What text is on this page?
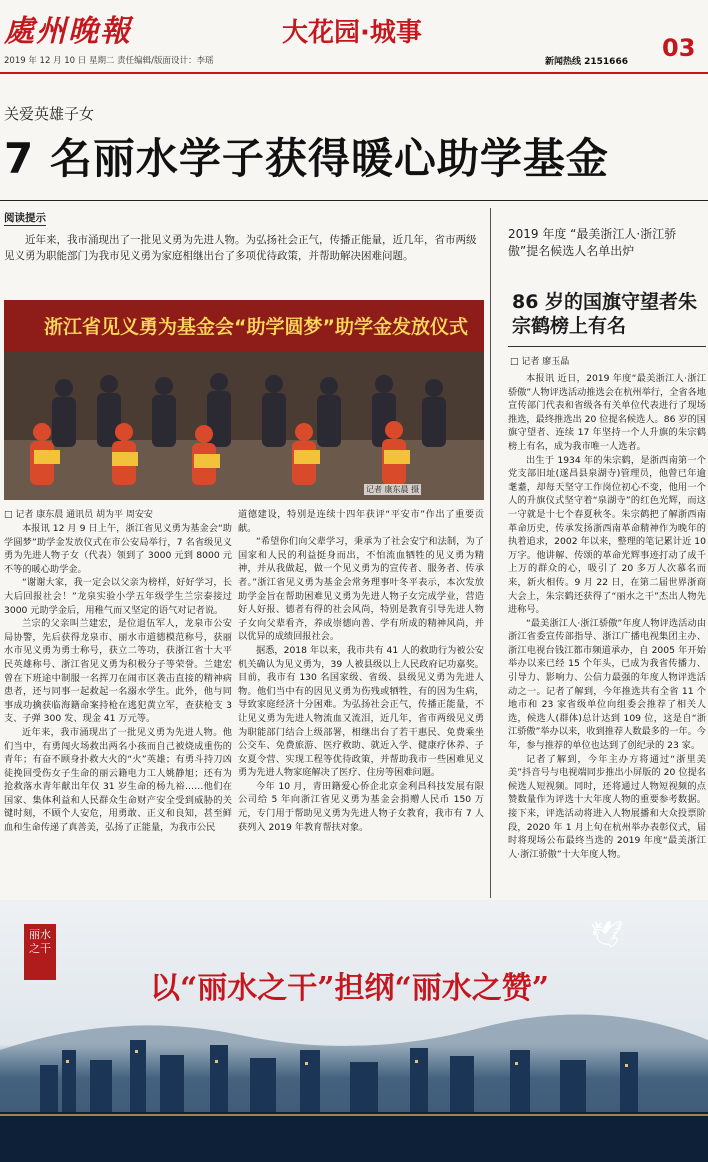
處州晚報	大花园·城事	03
2019 年 12 月 10 日 星期二 责任编辑/版面设计：李瑶	新闻热线 2151666
关爱英雄子女
7 名丽水学子获得暖心助学基金
阅读提示
近年来，我市涌现出了一批见义勇为先进人物。为弘扬社会正气，传播正能量，近几年，省市两级见义勇为职能部门为我市见义勇为家庭相继出台了多项优待政策，并帮助解决困难问题。
浙江省见义勇为基金会“助学圆梦”助学金发放仪式
记者 康东晨 摄
□ 记者 康东晨 通讯员 胡为平 周安安

本报讯 12 月 9 日上午，浙江省见义勇为基金会“助学圆梦”助学金发放仪式在市公安局举行，7 名省级见义勇为先进人物子女（代表）领到了 3000 元到 8000 元不等的暖心助学金。

“谢谢大家，我一定会以父亲为榜样，好好学习，长大后回报社会！”龙泉实验小学五年级学生兰宗泰接过 3000 元助学金后，用稚气而又坚定的语气对记者说。

兰宗的父亲叫兰建宏，是位退伍军人，龙泉市公安局协警，先后获得龙泉市、丽水市道德模范称号，获丽水市见义勇为勇士称号，获立二等功，获浙江省十大平民英雄称号、浙江省见义勇为积极分子等荣誉。兰建宏曾在下班途中制服一名挥刀在闹市区袭击直接的精神病患者，还与同事一起救起一名溺水学生。此外，他与同事成功擒获临海籍命案持枪在逃犯黄立军，查获枪支 3 支、子弹 300 发、现金 41 万元等。

近年来，我市涌现出了一批见义勇为先进人物。他们当中，有勇闯火场救出两名小孩而自己被烧成重伤的青年；有奋不顾身扑救大火的“火”英雄；有勇斗持刀凶徒挽回受伤女子生命的丽云籍电力工人姚静旭；还有为抢救落水青年献出年仅 31 岁生命的杨九裕……他们在国家、集体利益和人民群众生命财产安全受到威胁的关键时刻，不顾个人安危，用勇敢、正义和良知，甚至鲜血和生命传递了真善美，弘扬了正能量，为我市公民

道德建设，特别是连续十四年获评“平安市”作出了重要贡献。

“希望你们向父辈学习，秉承为了社会安宁和法制，为了国家和人民的利益挺身而出，不怕流血牺牲的见义勇为精神，并从我做起，做一个见义勇为的宣传者、服务者、传承者。”浙江省见义勇为基金会常务理事叶冬平表示，本次发放助学金旨在帮助困难见义勇为先进人物子女完成学业，营造好人好报、德者有得的社会风尚，特别是教育引导先进人物子女向父辈看齐，养成崇德向善、学有所成的精神风尚，并以优异的成绩回报社会。

据悉，2018 年以来，我市共有 41 人的救助行为被公安机关确认为见义勇为，39 人被县级以上人民政府记功嘉奖。目前，我市有 130 名国家级、省级、县级见义勇为先进人物。他们当中有的因见义勇为伤残或牺牲，有的因为生病，导致家庭经济十分困难。为弘扬社会正气，传播正能量，不让见义勇为先进人物流血又流泪，近几年，省市两级见义勇为职能部门结合上级部署，相继出台了若干惠民、免费乘坐公交车、免费旅游、医疗救助、就近入学、健康疗休养、子女夏令营、实现工程等优待政策，并帮助我市一些困难见义勇为先进人物家庭解决了医疗、住房等困难问题。

今年 10 月，青田籍爱心侨企北京金利昌科技发展有限公司给 5 年向浙江省见义勇为基金会捐赠人民币 150 万元，专门用于帮助见义勇为先进人物子女教育，我市有 7 人获列入 2019 年教育帮扶对象。

2019 年度 “最美浙江人·浙江骄傲”提名候选人名单出炉
86 岁的国旗守望者朱宗鹤榜上有名
□ 记者 廖玉晶

本报讯 近日，2019 年度“最美浙江人·浙江骄傲”人物评选活动推选会在杭州举行，全省各地宣传部门代表和省级各有关单位代表进行了现场推选，最终推选出 20 位提名候选人。86 岁的国旗守望者、连续 17 年坚持一个人升旗的朱宗鹤榜上有名，成为我市唯一人选者。

出生于 1934 年的朱宗鹤，是浙西南第一个党支部旧址(遂昌县泉湖寺)管理员，他曾已年逾耄耋，却每天坚守工作岗位初心不变，他用一个人的升旗仪式坚守着“泉湖寺”的红色光辉，而这一守就是十七个春夏秋冬。朱宗鹤把了解浙西南革命历史，传承发扬浙西南革命精神作为晚年的执着追求，2002 年以来，整理的笔记累计近 10 万字。他讲解、传颂的革命光辉事迹打动了成千上万的群众的心，吸引了 20 多万人次慕名而来，新火相传。9 月 22 日，在第二届世界浙商大会上，朱宗鹤还获得了“丽水之干”杰出人物先进称号。

“最美浙江人·浙江骄傲”年度人物评选活动由浙江省委宣传部指导、浙江广播电视集团主办、浙江电视台钱江都市频道承办，自 2005 年开始举办以来已经 15 个年头，已成为我省传播力、引导力、影响力、公信力最强的年度人物评选活动之一。记者了解到，今年推选共有全省 11 个地市和 23 家省级单位向组委会推荐了相关人选，候选人(群体)总计达到 109 位，这是自“浙江骄傲”举办以来，收到推荐人数最多的一年。今年，参与推荐的单位也达到了创纪录的 23 家。

记者了解到，今年主办方将通过“浙里美美”抖音号与电视端同步推出小屏版的 20 位提名候选人短视频。同时，还将通过人物短视频的点赞数量作为评选十大年度人物的重要参考数据。接下来，评选活动将进入人物展播和大众投票阶段，2020 年 1 月上旬在杭州举办表彰仪式，届时将现场公布最终当选的 2019 年度“最美浙江人·浙江骄傲”十大年度人物。

丽水之干	🕊
以“丽水之干”担纲“丽水之赞”
